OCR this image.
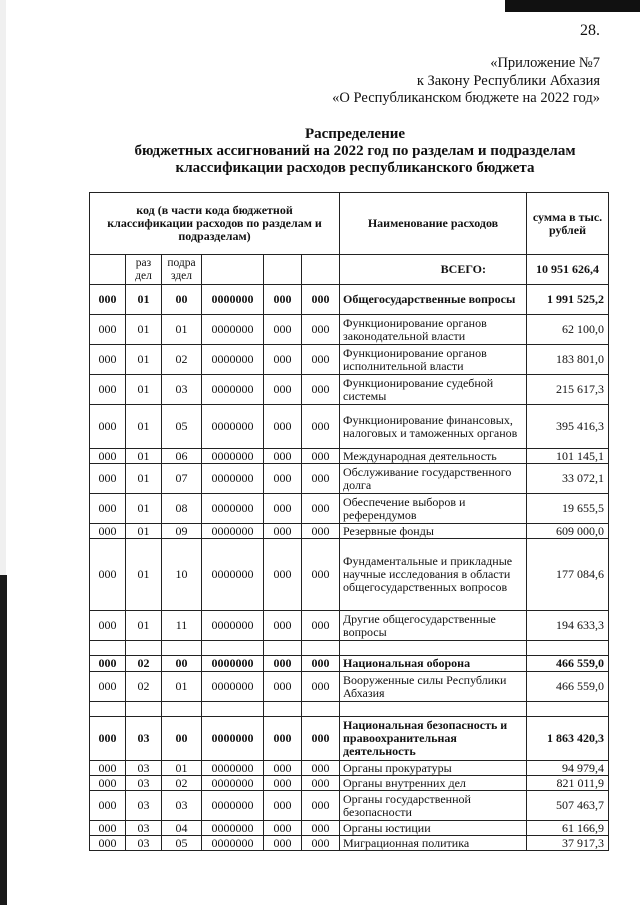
28.
«Приложение №7
к Закону Республики Абхазия
«О Республиканском бюджете на 2022 год»
Распределение
бюджетных ассигнований на 2022 год по разделам и подразделам
классификации расходов республиканского бюджета
код (в части кода бюджетной классификации расходов по разделам и подразделам)						Наименование расходов	сумма в тыс. рублей
	раз дел	подра здел				ВСЕГО:	10 951 626,4
000	01	00	0000000	000	000	Общегосударственные вопросы	1 991 525,2
000	01	01	0000000	000	000	Функционирование органов законодательной власти	62 100,0
000	01	02	0000000	000	000	Функционирование органов исполнительной власти	183 801,0
000	01	03	0000000	000	000	Функционирование судебной системы	215 617,3
000	01	05	0000000	000	000	Функционирование финансовых, налоговых и таможенных органов	395 416,3
000	01	06	0000000	000	000	Международная деятельность	101 145,1
000	01	07	0000000	000	000	Обслуживание государственного долга	33 072,1
000	01	08	0000000	000	000	Обеспечение выборов и референдумов	19 655,5
000	01	09	0000000	000	000	Резервные фонды	609 000,0
000	01	10	0000000	000	000	Фундаментальные и прикладные научные исследования в области общегосударственных вопросов	177 084,6
000	01	11	0000000	000	000	Другие общегосударственные вопросы	194 633,3

000	02	00	0000000	000	000	Национальная оборона	466 559,0
000	02	01	0000000	000	000	Вооруженные силы Республики Абхазия	466 559,0

000	03	00	0000000	000	000	Национальная безопасность и правоохранительная деятельность	1 863 420,3
000	03	01	0000000	000	000	Органы прокуратуры	94 979,4
000	03	02	0000000	000	000	Органы внутренних дел	821 011,9
000	03	03	0000000	000	000	Органы государственной безопасности	507 463,7
000	03	04	0000000	000	000	Органы юстиции	61 166,9
000	03	05	0000000	000	000	Миграционная политика	37 917,3
